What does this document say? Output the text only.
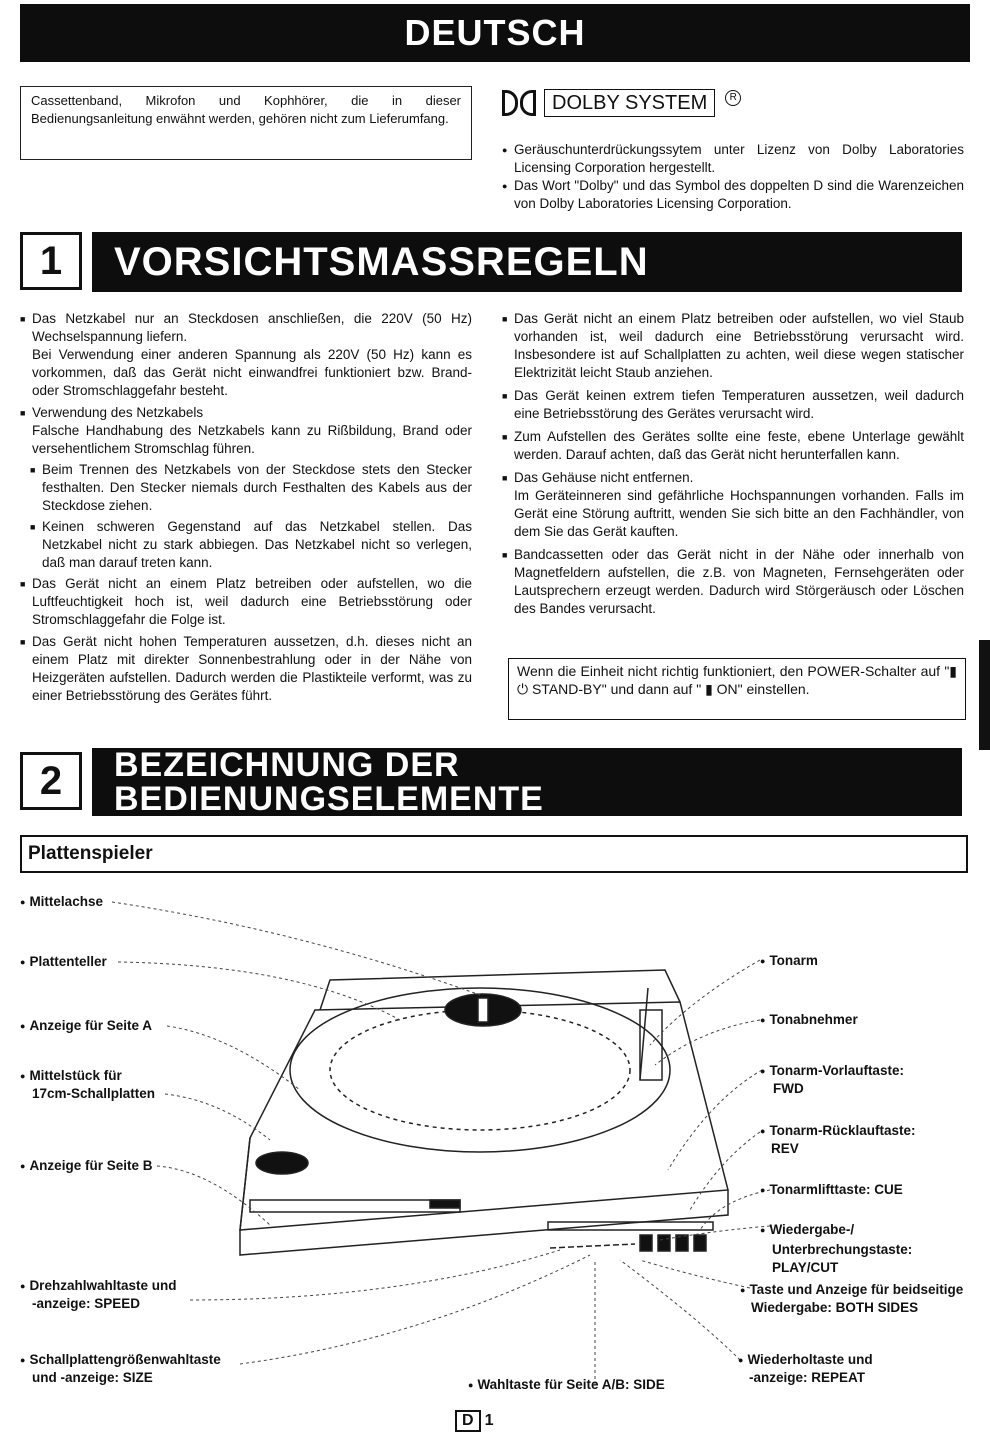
DEUTSCH
Cassettenband, Mikrofon und Kophhörer, die in dieser Bedienungsanleitung enwähnt werden, gehören nicht zum Lieferumfang.
DOLBY SYSTEM	R
● Geräuschunterdrückungssytem unter Lizenz von Dolby Laboratories Licensing Corporation hergestellt.
● Das Wort "Dolby" und das Symbol des doppelten D sind die Warenzeichen von Dolby Laboratories Licensing Corporation.
1	VORSICHTSMASSREGELN
■ Das Netzkabel nur an Steckdosen anschließen, die 220V (50 Hz) Wechselspannung liefern.
Bei Verwendung einer anderen Spannung als 220V (50 Hz) kann es vorkommen, daß das Gerät nicht einwandfrei funktioniert bzw. Brand- oder Stromschlaggefahr besteht.
■ Verwendung des Netzkabels
Falsche Handhabung des Netzkabels kann zu Rißbildung, Brand oder versehentlichem Stromschlag führen.
■ Beim Trennen des Netzkabels von der Steckdose stets den Stecker festhalten. Den Stecker niemals durch Festhalten des Kabels aus der Steckdose ziehen.
■ Keinen schweren Gegenstand auf das Netzkabel stellen. Das Netzkabel nicht zu stark abbiegen. Das Netzkabel nicht so verlegen, daß man darauf treten kann.
■ Das Gerät nicht an einem Platz betreiben oder aufstellen, wo die Luftfeuchtigkeit hoch ist, weil dadurch eine Betriebsstörung oder Stromschlaggefahr die Folge ist.
■ Das Gerät nicht hohen Temperaturen aussetzen, d.h. dieses nicht an einem Platz mit direkter Sonnenbestrahlung oder in der Nähe von Heizgeräten aufstellen. Dadurch werden die Plastikteile verformt, was zu einer Betriebsstörung des Gerätes führt.
■ Das Gerät nicht an einem Platz betreiben oder aufstellen, wo viel Staub vorhanden ist, weil dadurch eine Betriebsstörung verursacht wird. Insbesondere ist auf Schallplatten zu achten, weil diese wegen statischer Elektrizität leicht Staub anziehen.
■ Das Gerät keinen extrem tiefen Temperaturen aussetzen, weil dadurch eine Betriebsstörung des Gerätes verursacht wird.
■ Zum Aufstellen des Gerätes sollte eine feste, ebene Unterlage gewählt werden. Darauf achten, daß das Gerät nicht herunterfallen kann.
■ Das Gehäuse nicht entfernen.
Im Geräteinneren sind gefährliche Hochspannungen vorhanden. Falls im Gerät eine Störung auftritt, wenden Sie sich bitte an den Fachhändler, von dem Sie das Gerät kauften.
■ Bandcassetten oder das Gerät nicht in der Nähe oder innerhalb von Magnetfeldern aufstellen, die z.B. von Magneten, Fernsehgeräten oder Lautsprechern erzeugt werden. Dadurch wird Störgeräusch oder Löschen des Bandes verursacht.
Wenn die Einheit nicht richtig funktioniert, den POWER-Schalter auf "▮ ⏻ STAND-BY" und dann auf " ▮ ON" einstellen.
2	BEZEICHNUNG DER
BEDIENUNGSELEMENTE
Plattenspieler
● Mittelachse
● Plattenteller
● Anzeige für Seite A
● Mittelstück für
17cm-Schallplatten
● Anzeige für Seite B
● Drehzahlwahltaste und
-anzeige: SPEED
● Schallplattengrößenwahltaste
und -anzeige: SIZE	● Wahltaste für Seite A/B: SIDE
● Tonarm
● Tonabnehmer
● Tonarm-Vorlauftaste:
FWD
● Tonarm-Rücklauftaste:
REV
● Tonarmlifttaste: CUE
● Wiedergabe-/
Unterbrechungstaste:
PLAY/CUT
● Taste und Anzeige für beidseitige
Wiedergabe: BOTH SIDES
● Wiederholtaste und
-anzeige: REPEAT
D 1
